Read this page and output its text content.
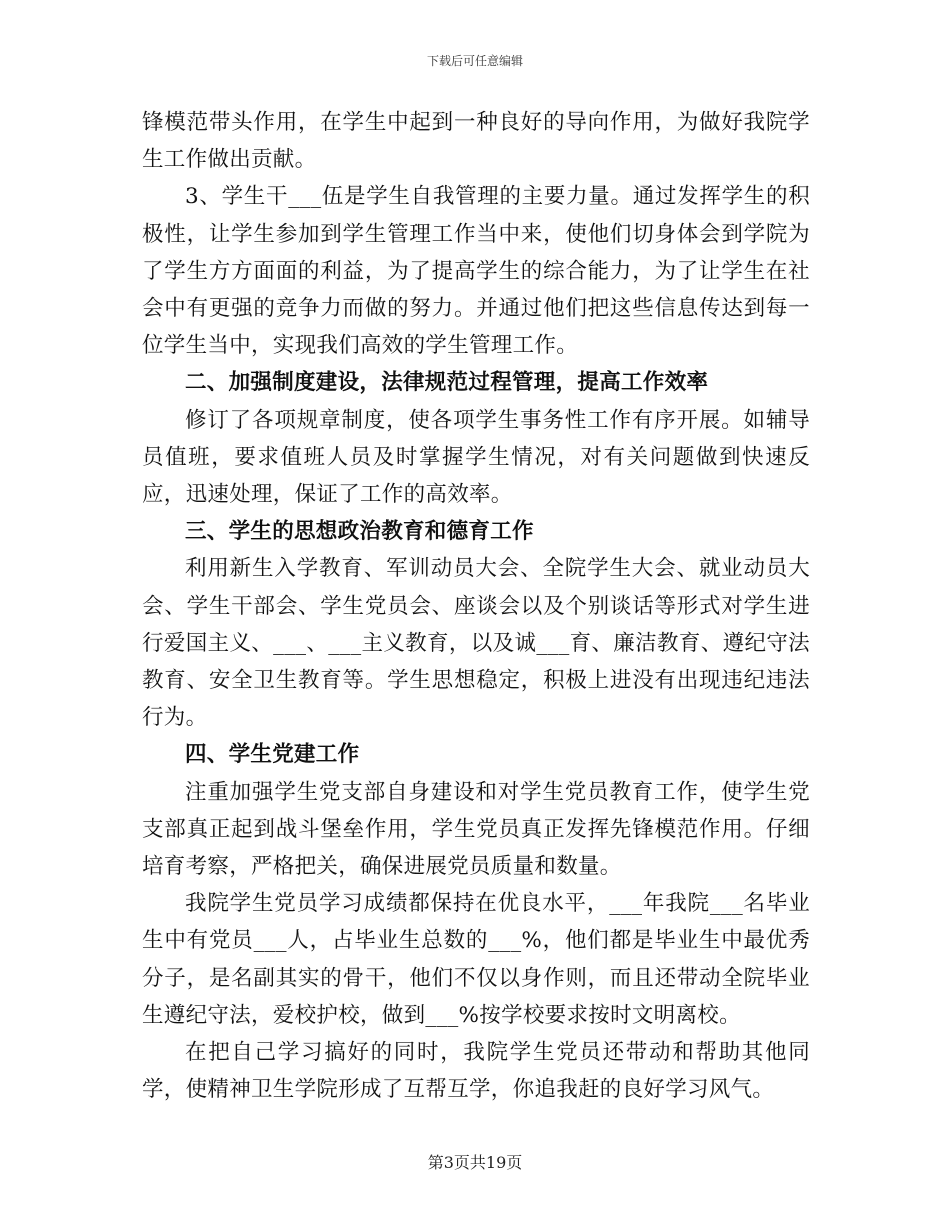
下载后可任意编辑

锋模范带头作用，在学生中起到一种良好的导向作用，为做好我院学生工作做出贡献。

3、学生干___伍是学生自我管理的主要力量。通过发挥学生的积极性，让学生参加到学生管理工作当中来，使他们切身体会到学院为了学生方方面面的利益，为了提高学生的综合能力，为了让学生在社会中有更强的竞争力而做的努力。并通过他们把这些信息传达到每一位学生当中，实现我们高效的学生管理工作。

二、加强制度建设，法律规范过程管理，提高工作效率

修订了各项规章制度，使各项学生事务性工作有序开展。如辅导员值班，要求值班人员及时掌握学生情况，对有关问题做到快速反应，迅速处理，保证了工作的高效率。

三、学生的思想政治教育和德育工作

利用新生入学教育、军训动员大会、全院学生大会、就业动员大会、学生干部会、学生党员会、座谈会以及个别谈话等形式对学生进行爱国主义、___、___主义教育，以及诚___育、廉洁教育、遵纪守法教育、安全卫生教育等。学生思想稳定，积极上进没有出现违纪违法行为。

四、学生党建工作

注重加强学生党支部自身建设和对学生党员教育工作，使学生党支部真正起到战斗堡垒作用，学生党员真正发挥先锋模范作用。仔细培育考察，严格把关，确保进展党员质量和数量。

我院学生党员学习成绩都保持在优良水平，___年我院___名毕业生中有党员___人，占毕业生总数的___%，他们都是毕业生中最优秀分子，是名副其实的骨干，他们不仅以身作则，而且还带动全院毕业生遵纪守法，爱校护校，做到___%按学校要求按时文明离校。

在把自己学习搞好的同时，我院学生党员还带动和帮助其他同学，使精神卫生学院形成了互帮互学，你追我赶的良好学习风气。

第3页共19页
